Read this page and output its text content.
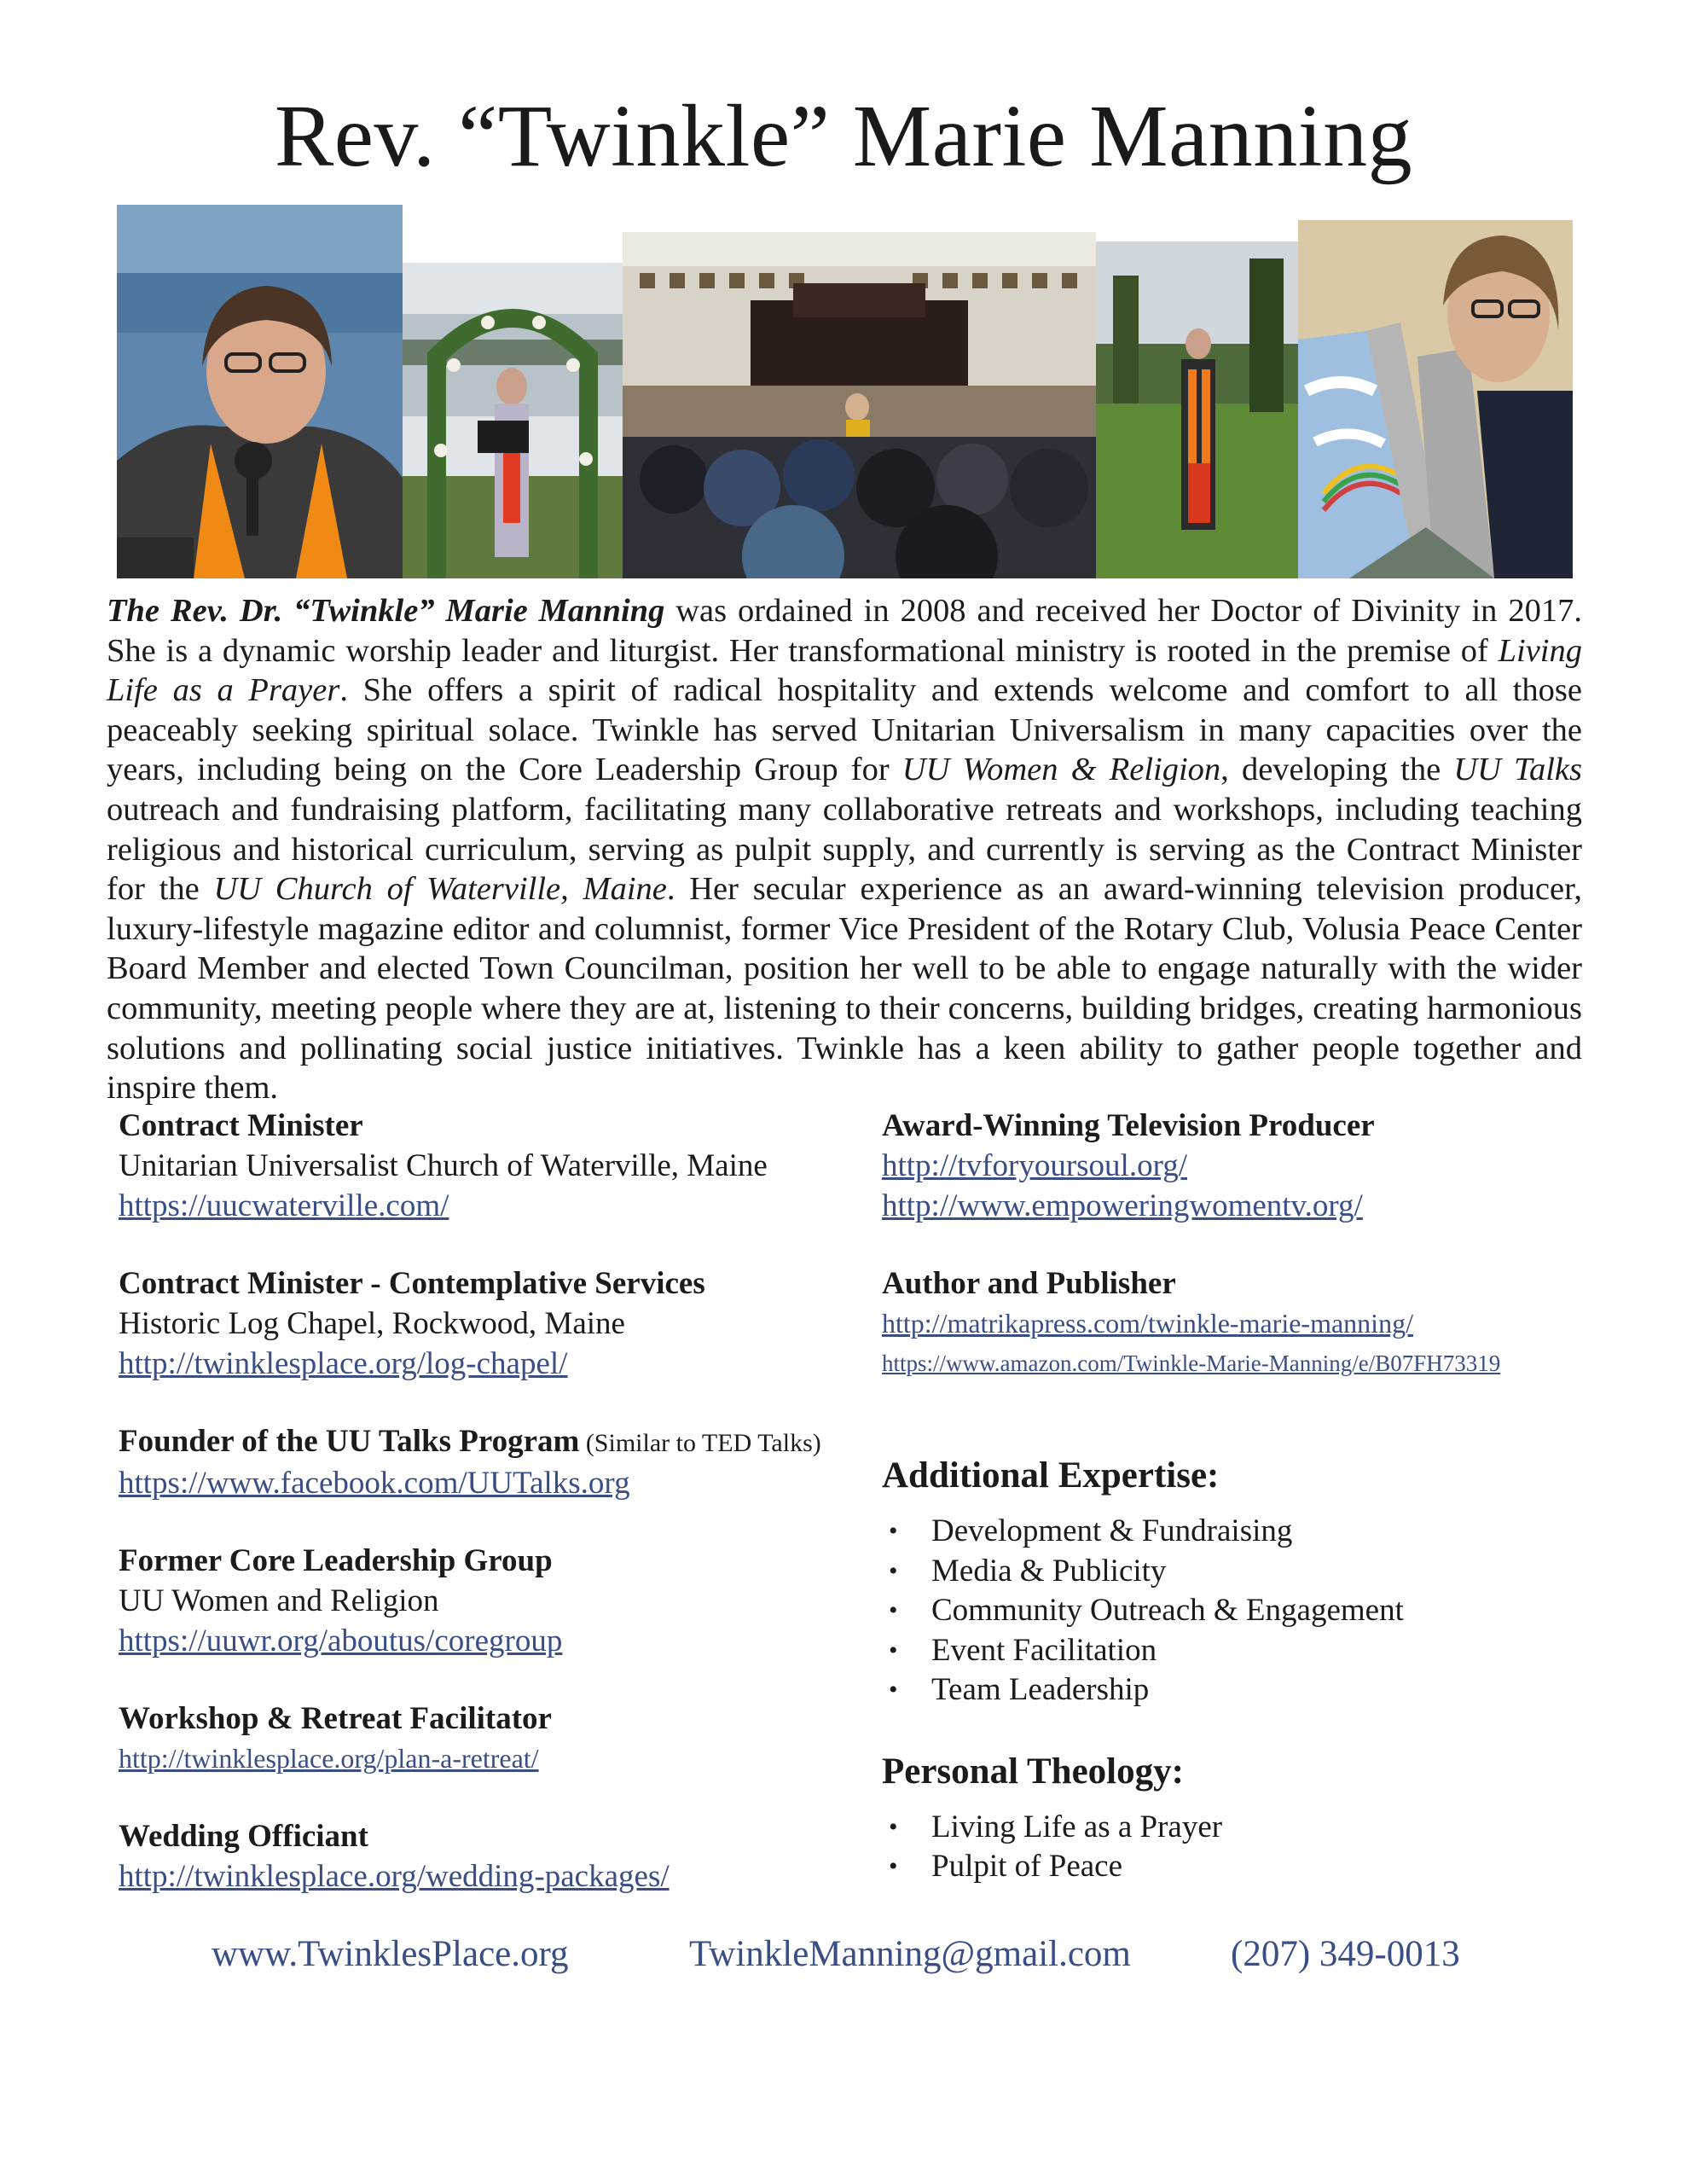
Rev. “Twinkle” Marie Manning

The Rev. Dr. “Twinkle” Marie Manning was ordained in 2008 and received her Doctor of Divinity in 2017. She is a dynamic worship leader and liturgist. Her transformational ministry is rooted in the premise of Living Life as a Prayer. She offers a spirit of radical hospitality and extends welcome and comfort to all those peaceably seeking spiritual solace. Twinkle has served Unitarian Universalism in many capacities over the years, including being on the Core Leadership Group for UU Women & Religion, developing the UU Talks outreach and fundraising platform, facilitating many collaborative retreats and workshops, including teaching religious and historical curriculum, serving as pulpit supply, and currently is serving as the Contract Minister for the UU Church of Waterville, Maine. Her secular experience as an award-winning television producer, luxury-lifestyle magazine editor and columnist, former Vice President of the Rotary Club, Volusia Peace Center Board Member and elected Town Councilman, position her well to be able to engage naturally with the wider community, meeting people where they are at, listening to their concerns, building bridges, creating harmonious solutions and pollinating social justice initiatives. Twinkle has a keen ability to gather people together and inspire them.

Contract Minister
Unitarian Universalist Church of Waterville, Maine
https://uucwaterville.com/
Contract Minister - Contemplative Services
Historic Log Chapel, Rockwood, Maine
http://twinklesplace.org/log-chapel/
Founder of the UU Talks Program (Similar to TED Talks)
https://www.facebook.com/UUTalks.org
Former Core Leadership Group
UU Women and Religion
https://uuwr.org/aboutus/coregroup
Workshop & Retreat Facilitator
http://twinklesplace.org/plan-a-retreat/
Wedding Officiant
http://twinklesplace.org/wedding-packages/
Award-Winning Television Producer
http://tvforyoursoul.org/
http://www.empoweringwomentv.org/
Author and Publisher
http://matrikapress.com/twinkle-marie-manning/
https://www.amazon.com/Twinkle-Marie-Manning/e/B07FH73319
Additional Expertise:
• Development & Fundraising
• Media & Publicity
• Community Outreach & Engagement
• Event Facilitation
• Team Leadership
Personal Theology:
• Living Life as a Prayer
• Pulpit of Peace
www.TwinklesPlace.org	TwinkleManning@gmail.com	(207) 349-0013
